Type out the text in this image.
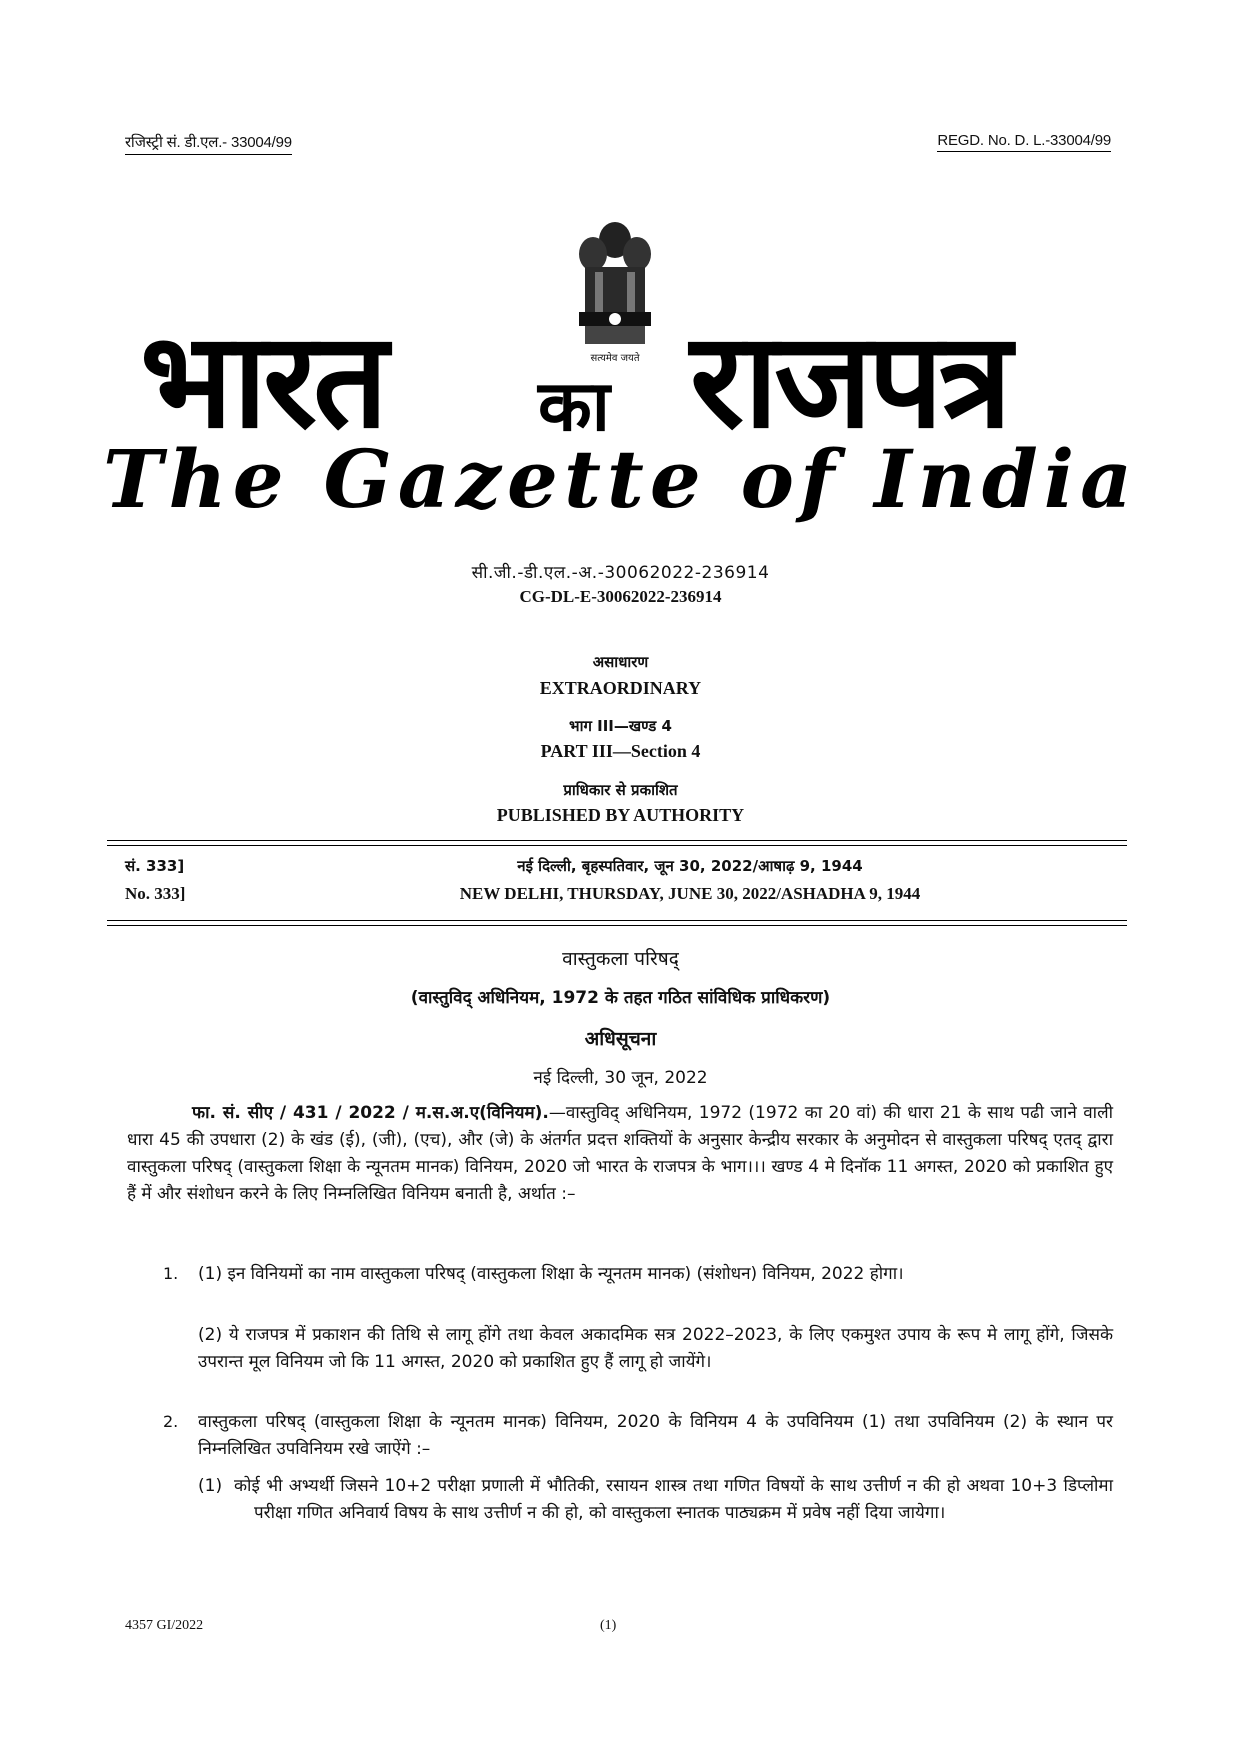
रजिस्ट्री सं. डी.एल.- 33004/99	REGD. No. D. L.-33004/99
सत्यमेव जयते
भारत का राजपत्र
The Gazette of India
सी.जी.-डी.एल.-अ.-30062022-236914
CG-DL-E-30062022-236914
असाधारण
EXTRAORDINARY
भाग III—खण्ड 4
PART III—Section 4
प्राधिकार से प्रकाशित
PUBLISHED BY AUTHORITY
सं. 333]	नई दिल्ली, बृहस्पतिवार, जून 30, 2022/आषाढ़ 9, 1944
No. 333]	NEW DELHI, THURSDAY, JUNE 30, 2022/ASHADHA 9, 1944
वास्तुकला परिषद्
(वास्तुविद् अधिनियम, 1972 के तहत गठित सांविधिक प्राधिकरण)
अधिसूचना
नई दिल्ली, 30 जून, 2022
फा. सं. सीए / 431 / 2022 / म.स.अ.ए(विनियम).—वास्तुविद् अधिनियम, 1972 (1972 का 20 वां) की धारा 21 के साथ पढी जाने वाली धारा 45 की उपधारा (2) के खंड (ई), (जी), (एच), और (जे) के अंतर्गत प्रदत्त शक्तियों के अनुसार केन्द्रीय सरकार के अनुमोदन से वास्तुकला परिषद् एतद् द्वारा वास्तुकला परिषद् (वास्तुकला शिक्षा के न्यूनतम मानक) विनियम, 2020 जो भारत के राजपत्र के भाग।।। खण्ड 4 मे दिनॉक 11 अगस्त, 2020 को प्रकाशित हुए हैं में और संशोधन करने के लिए निम्नलिखित विनियम बनाती है, अर्थात :–
1. (1) इन विनियमों का नाम वास्तुकला परिषद् (वास्तुकला शिक्षा के न्यूनतम मानक) (संशोधन) विनियम, 2022 होगा।
(2) ये राजपत्र में प्रकाशन की तिथि से लागू होंगे तथा केवल अकादमिक सत्र 2022–2023, के लिए एकमुश्त उपाय के रूप मे लागू होंगे, जिसके उपरान्त मूल विनियम जो कि 11 अगस्त, 2020 को प्रकाशित हुए हैं लागू हो जायेंगे।
2. वास्तुकला परिषद् (वास्तुकला शिक्षा के न्यूनतम मानक) विनियम, 2020 के विनियम 4 के उपविनियम (1) तथा उपविनियम (2) के स्थान पर निम्नलिखित उपविनियम रखे जाऐंगे :–
(1) कोई भी अभ्यर्थी जिसने 10+2 परीक्षा प्रणाली में भौतिकी, रसायन शास्त्र तथा गणित विषयों के साथ उत्तीर्ण न की हो अथवा 10+3 डिप्लोमा परीक्षा गणित अनिवार्य विषय के साथ उत्तीर्ण न की हो, को वास्तुकला स्नातक पाठ्यक्रम में प्रवेष नहीं दिया जायेगा।
4357 GI/2022	(1)
